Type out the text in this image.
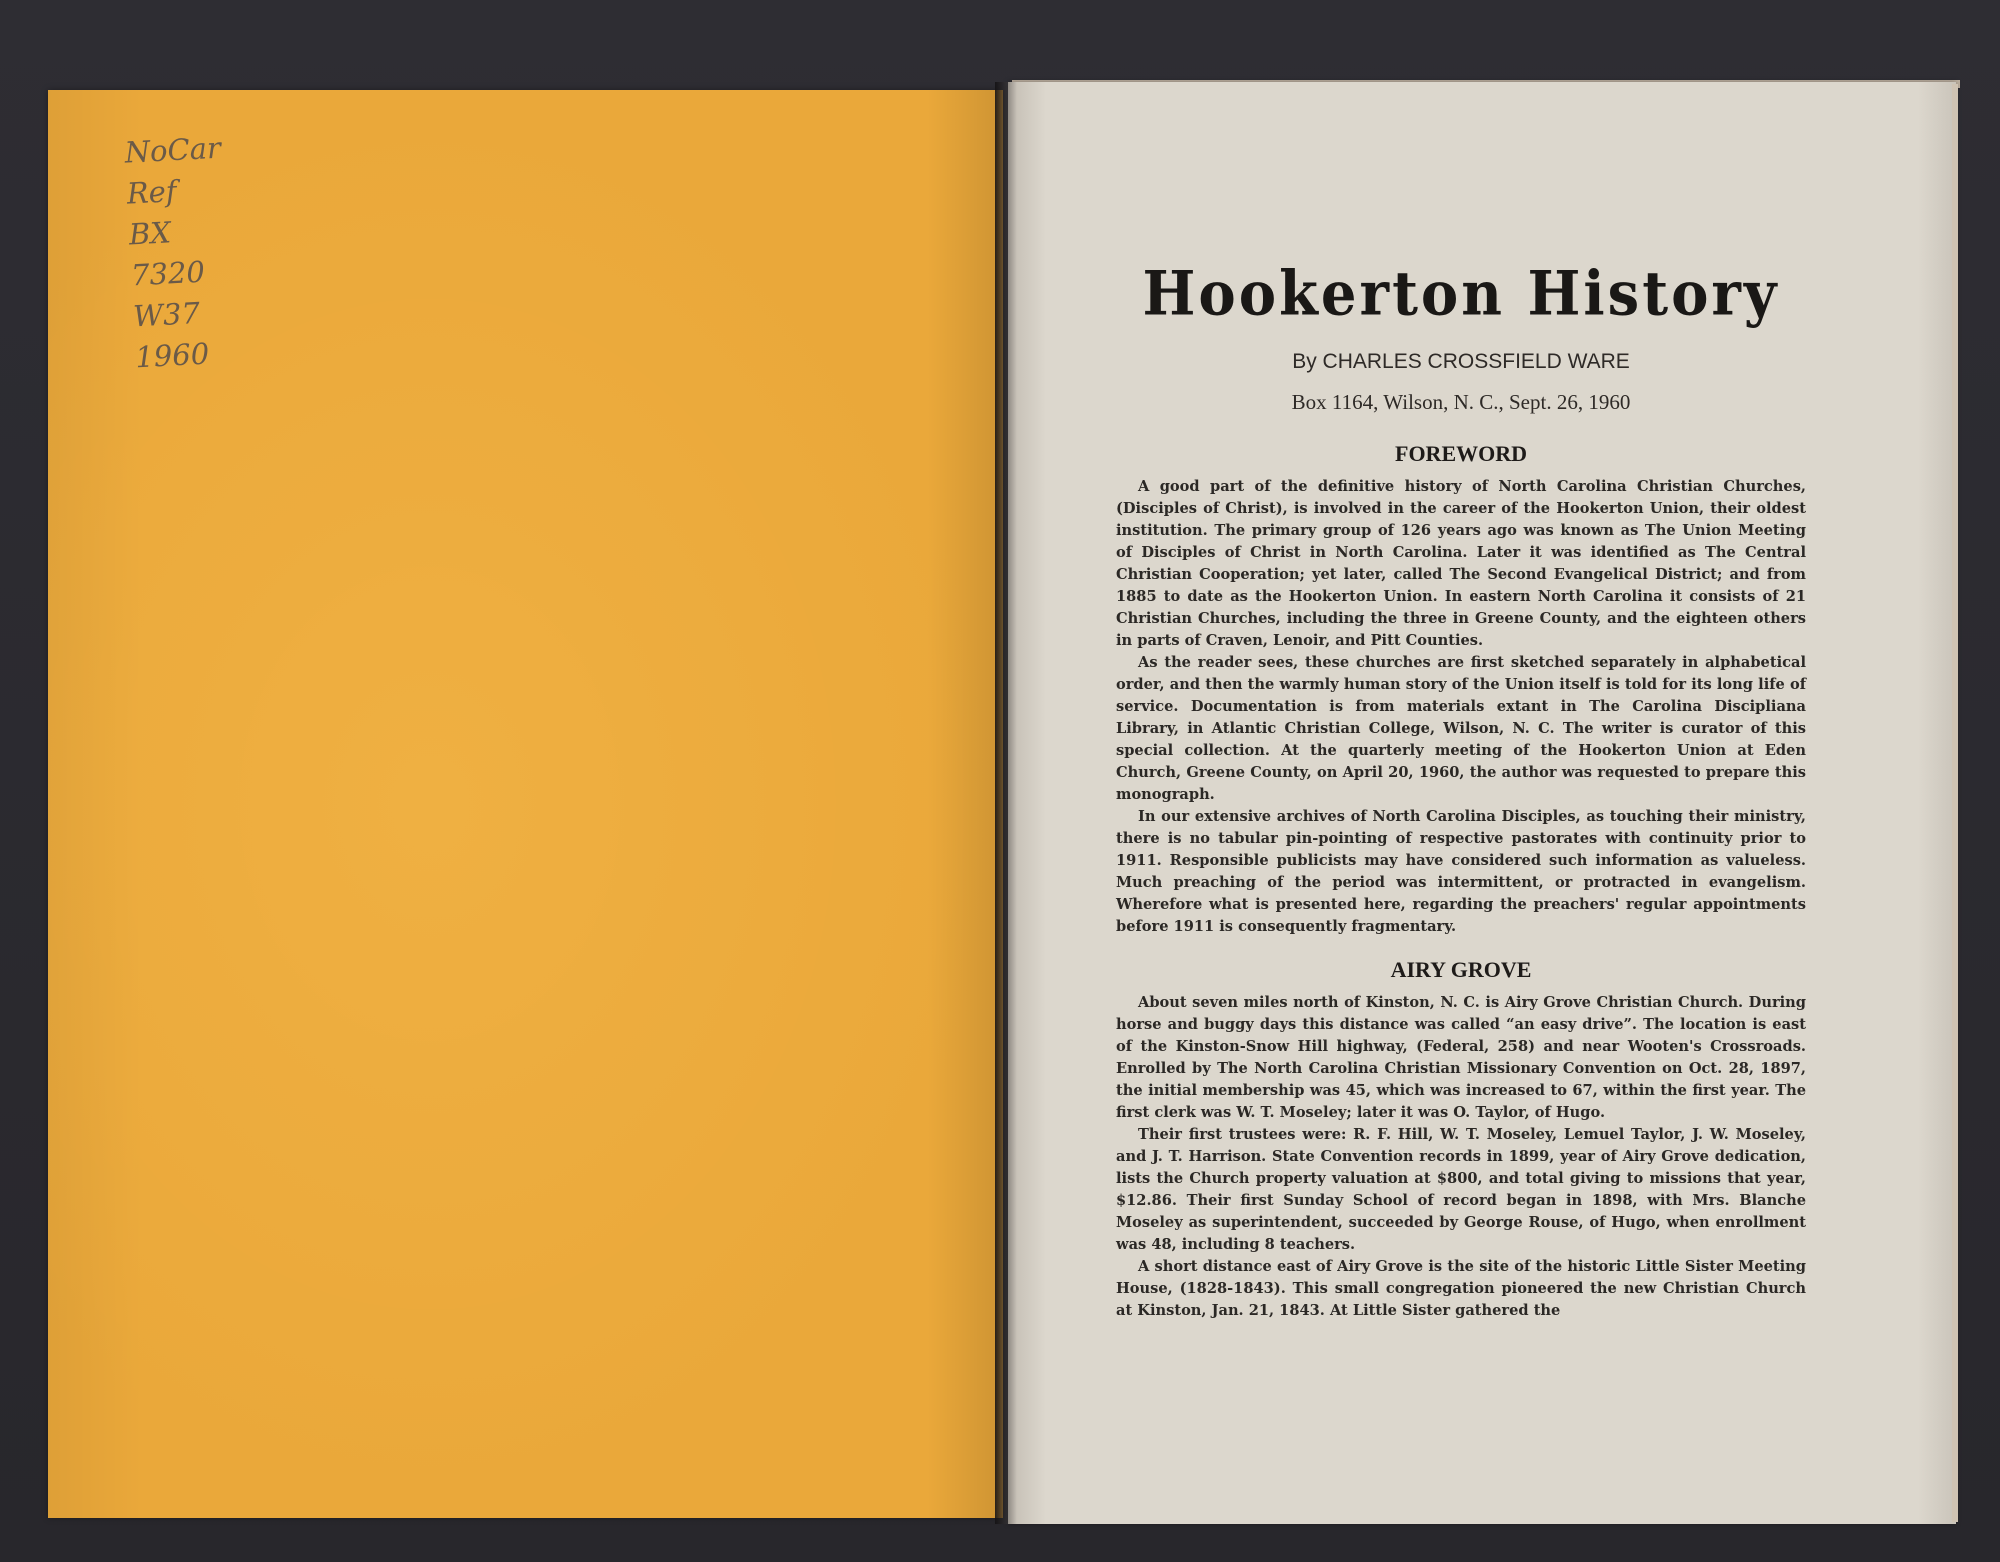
NoCar
Ref
BX
7320
W37
1960
Hookerton History
By CHARLES CROSSFIELD WARE
Box 1164, Wilson, N. C., Sept. 26, 1960
FOREWORD

A good part of the definitive history of North Carolina Christian Churches, (Disciples of Christ), is involved in the career of the Hookerton Union, their oldest institution. The primary group of 126 years ago was known as The Union Meeting of Disciples of Christ in North Carolina. Later it was identified as The Central Christian Cooperation; yet later, called The Second Evangelical District; and from 1885 to date as the Hookerton Union. In eastern North Carolina it consists of 21 Christian Churches, including the three in Greene County, and the eighteen others in parts of Craven, Lenoir, and Pitt Counties.

As the reader sees, these churches are first sketched separately in alphabetical order, and then the warmly human story of the Union itself is told for its long life of service. Documentation is from materials extant in The Carolina Discipliana Library, in Atlantic Christian College, Wilson, N. C. The writer is curator of this special collection. At the quarterly meeting of the Hookerton Union at Eden Church, Greene County, on April 20, 1960, the author was requested to prepare this monograph.

In our extensive archives of North Carolina Disciples, as touching their ministry, there is no tabular pin-pointing of respective pastorates with continuity prior to 1911. Responsible publicists may have considered such information as valueless. Much preaching of the period was intermittent, or protracted in evangelism. Wherefore what is presented here, regarding the preachers' regular appointments before 1911 is consequently fragmentary.

AIRY GROVE

About seven miles north of Kinston, N. C. is Airy Grove Christian Church. During horse and buggy days this distance was called “an easy drive”. The location is east of the Kinston-Snow Hill highway, (Federal, 258) and near Wooten's Crossroads. Enrolled by The North Carolina Christian Missionary Convention on Oct. 28, 1897, the initial membership was 45, which was increased to 67, within the first year. The first clerk was W. T. Moseley; later it was O. Taylor, of Hugo.

Their first trustees were: R. F. Hill, W. T. Moseley, Lemuel Taylor, J. W. Moseley, and J. T. Harrison. State Convention records in 1899, year of Airy Grove dedication, lists the Church property valuation at $800, and total giving to missions that year, $12.86. Their first Sunday School of record began in 1898, with Mrs. Blanche Moseley as superintendent, succeeded by George Rouse, of Hugo, when enrollment was 48, including 8 teachers.

A short distance east of Airy Grove is the site of the historic Little Sister Meeting House, (1828-1843). This small congregation pioneered the new Christian Church at Kinston, Jan. 21, 1843. At Little Sister gathered the
